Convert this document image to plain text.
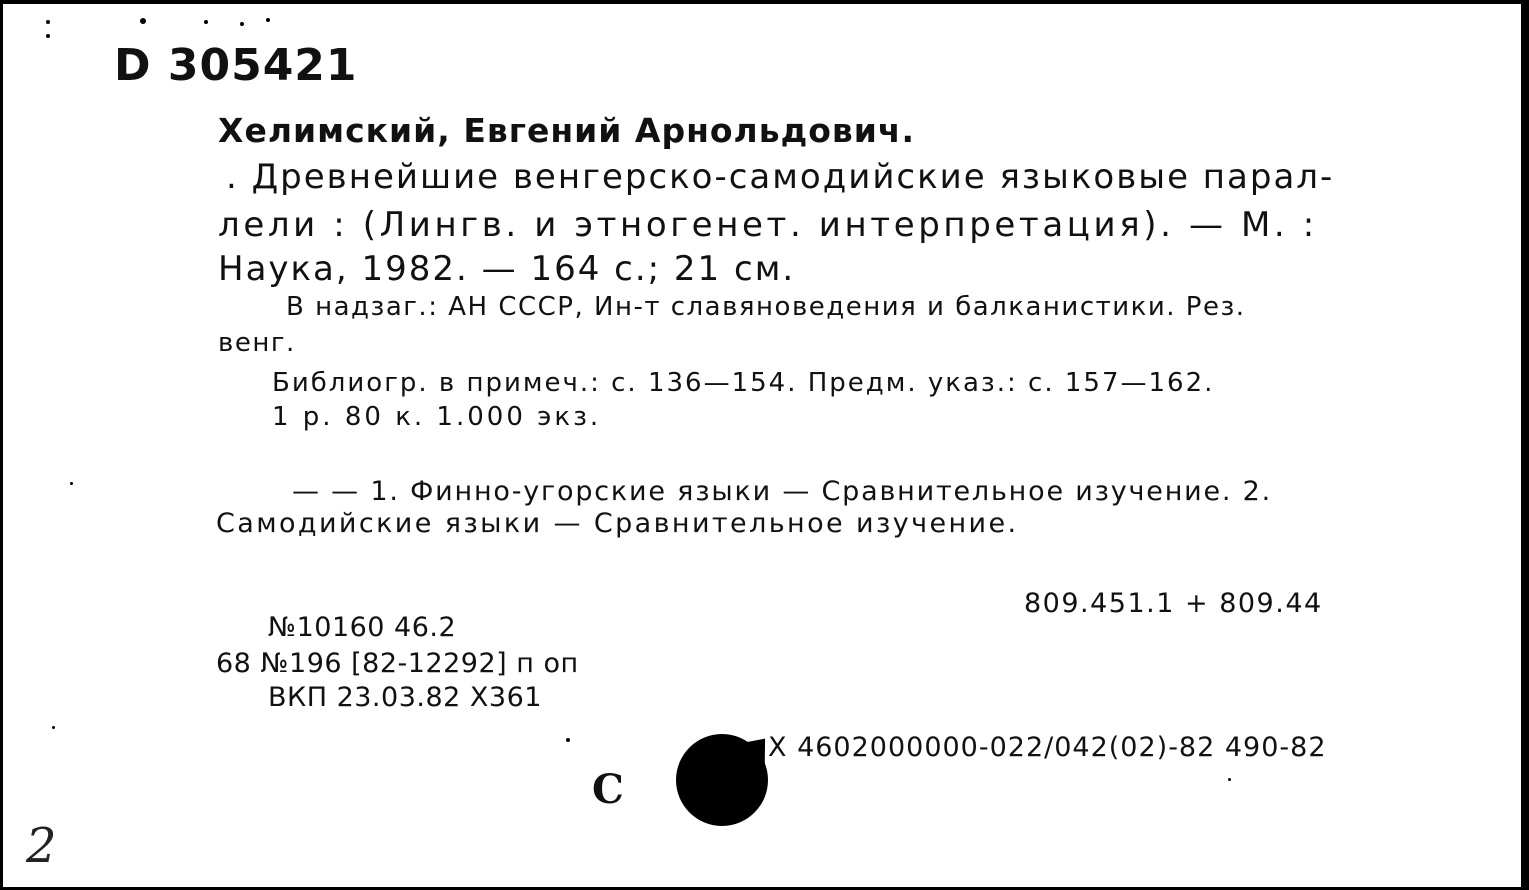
D 305421
Хелимский, Евгений Арнольдович.
. Древнейшие венгерско-самодийские языковые парал-
лели : (Лингв. и этногенет. интерпретация). — М. :
Наука, 1982. — 164 с.; 21 см.
В надзаг.: АН СССР, Ин-т славяноведения и балканистики. Рез.
венг.
Библиогр. в примеч.: с. 136—154. Предм. указ.: с. 157—162.
1 р. 80 к. 1.000 экз.
— — 1. Финно-угорские языки — Сравнительное изучение. 2.
Самодийские языки — Сравнительное изучение.
809.451.1 + 809.44
№10160 46.2
68 №196 [82-12292] п оп
ВКП 23.03.82 Х361
Х 4602000000-022/042(02)-82 490-82
C
2
